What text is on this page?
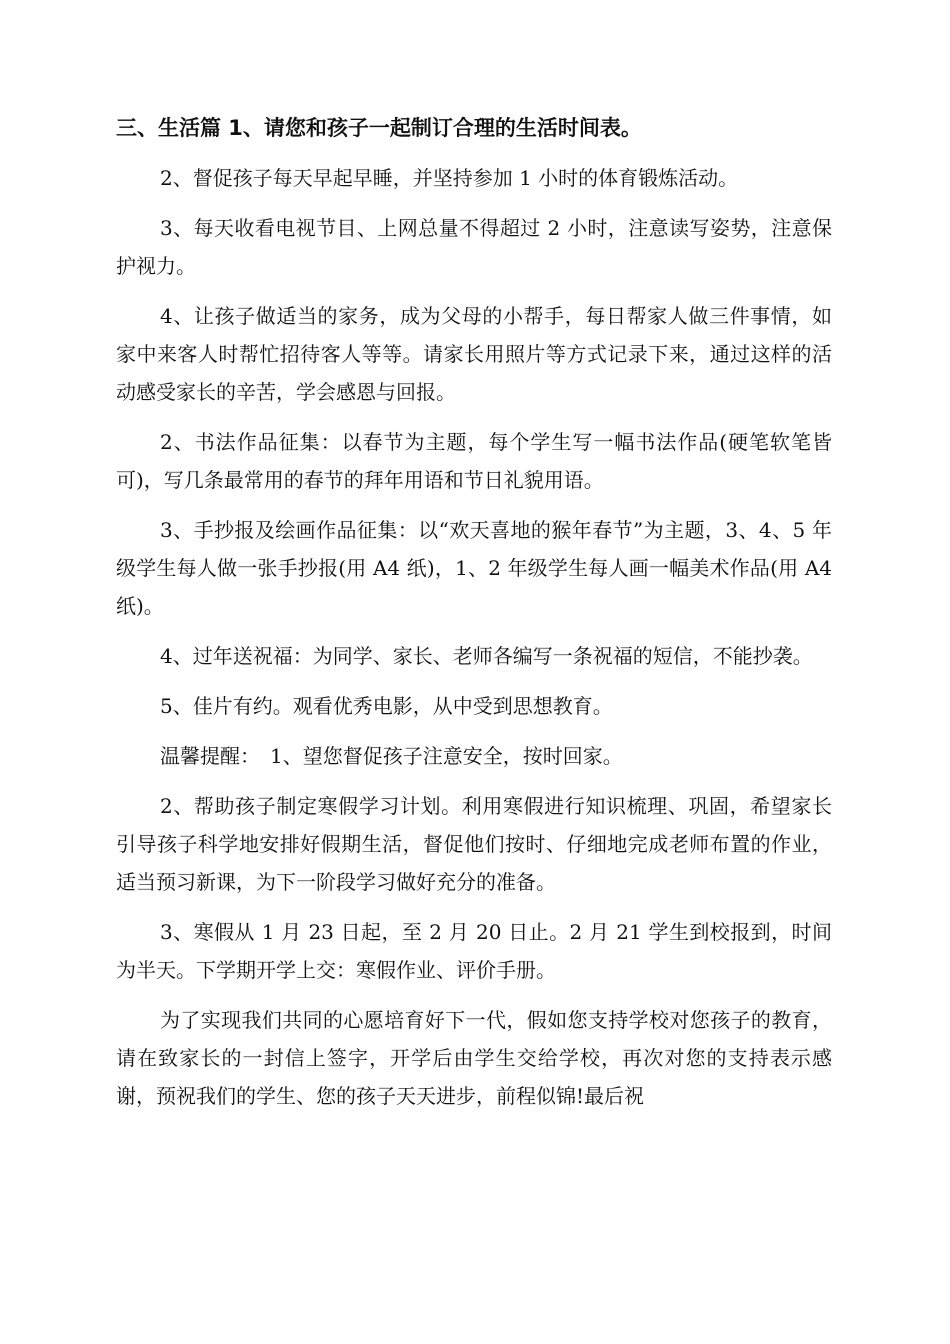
三、生活篇 1、请您和孩子一起制订合理的生活时间表。

2、督促孩子每天早起早睡，并坚持参加 1 小时的体育锻炼活动。

3、每天收看电视节目、上网总量不得超过 2 小时，注意读写姿势，注意保护视力。

4、让孩子做适当的家务，成为父母的小帮手，每日帮家人做三件事情，如家中来客人时帮忙招待客人等等。请家长用照片等方式记录下来，通过这样的活动感受家长的辛苦，学会感恩与回报。

2、书法作品征集：以春节为主题，每个学生写一幅书法作品(硬笔软笔皆可)，写几条最常用的春节的拜年用语和节日礼貌用语。

3、手抄报及绘画作品征集：以“欢天喜地的猴年春节”为主题，3、4、5 年级学生每人做一张手抄报(用 A4 纸)，1、2 年级学生每人画一幅美术作品(用 A4 纸)。

4、过年送祝福：为同学、家长、老师各编写一条祝福的短信，不能抄袭。

5、佳片有约。观看优秀电影，从中受到思想教育。

温馨提醒：　1、望您督促孩子注意安全，按时回家。

2、帮助孩子制定寒假学习计划。利用寒假进行知识梳理、巩固，希望家长引导孩子科学地安排好假期生活，督促他们按时、仔细地完成老师布置的作业，适当预习新课，为下一阶段学习做好充分的准备。

3、寒假从 1 月 23 日起，至 2 月 20 日止。2 月 21 学生到校报到，时间为半天。下学期开学上交：寒假作业、评价手册。

为了实现我们共同的心愿培育好下一代，假如您支持学校对您孩子的教育，请在致家长的一封信上签字，开学后由学生交给学校，再次对您的支持表示感谢，预祝我们的学生、您的孩子天天进步，前程似锦!最后祝
